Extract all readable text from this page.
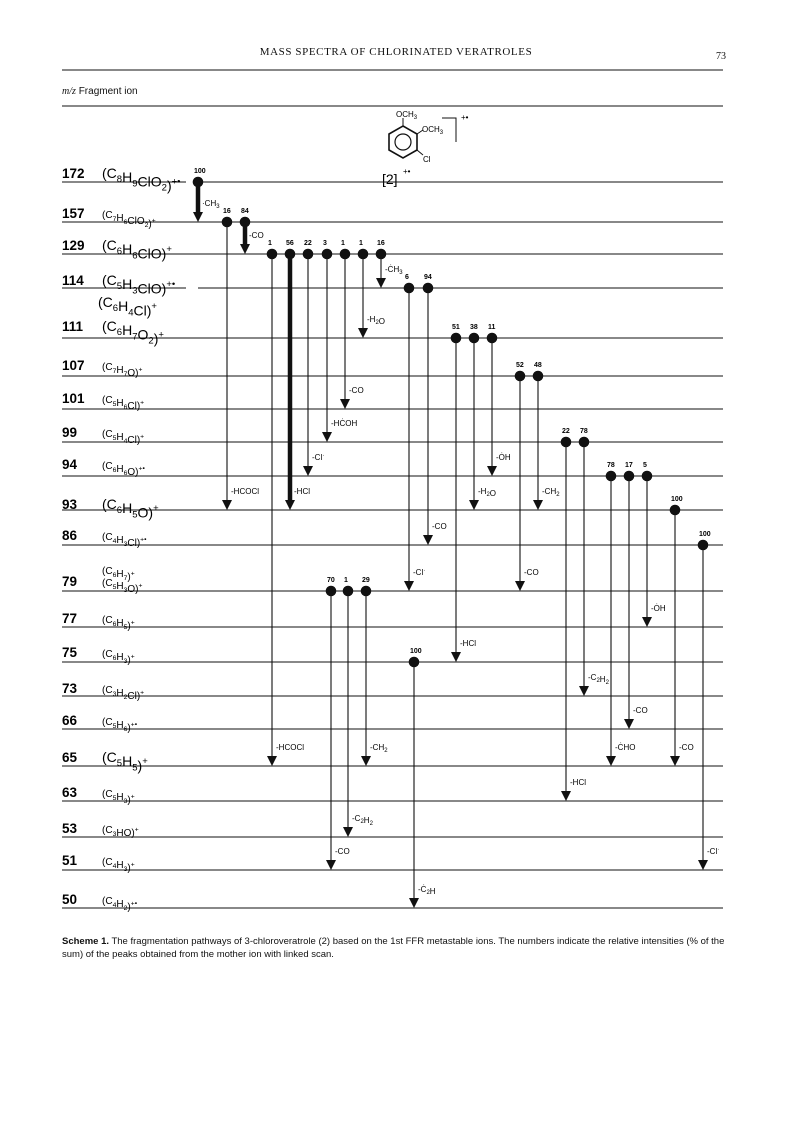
MASS SPECTRA OF CHLORINATED VERATROLES	73
m/z Fragment ion
$OCH_3$
$OCH_3$
Cl
+•
[2] +•
172 $(C_8H_9ClO_2)^{+•}$
157 $(C_7H_6ClO_2)^+$
129 $(C_6H_6ClO)^+$
114 $(C_5H_3ClO)^{+•}$
$(C_6H_4Cl)^+$
111 $(C_6H_7O_2)^+$
107 $(C_7H_7O)^+$
101 $(C_5H_6Cl)^+$
99 $(C_5H_4Cl)^+$
94 $(C_6H_6O)^{+•}$
93 $(C_6H_5O)^+$
86 $(C_4H_3Cl)^{+•}$
79 $(C_5H_3O)^+$
$(C_6H_7)^+$
77 $(C_6H_5)^+$
75 $(C_6H_3)^+$
73 $(C_3H_2Cl)^+$
66 $(C_5H_6)^{+•}$
65 $(C_5H_5)^+$
63 $(C_5H_3)^+$
53 $(C_3HO)^+$
51 $(C_4H_3)^+$
50 $(C_4H_2)^{+•}$
100
$\cdot CH_3$
16
-HCOCl
84
-CO
1
-HCOCl
56
-HCl
22
-Cl·
3
-HĊOH
1
-CO
1
$-H_2O$
16
$-ĊH_3$
6
-Cl·
94
-CO
51
-HCl
38
$-H_2O$
11
-ȮH
52
-CO
48
$-CH_2$
22
-HCl
78
$-C_2H_2$
78
-ĊHO
17
-CO
5
-ȮH
100
-CO
100
-Cl·
70
-CO
1
$-C_2H_2$
29
$-CH_2$
100
$-Ċ_2H$
Scheme 1. The fragmentation pathways of 3-chloroveratrole (2) based on the 1st FFR metastable ions. The numbers indicate the relative intensities (% of the sum) of the peaks obtained from the mother ion with linked scan.
